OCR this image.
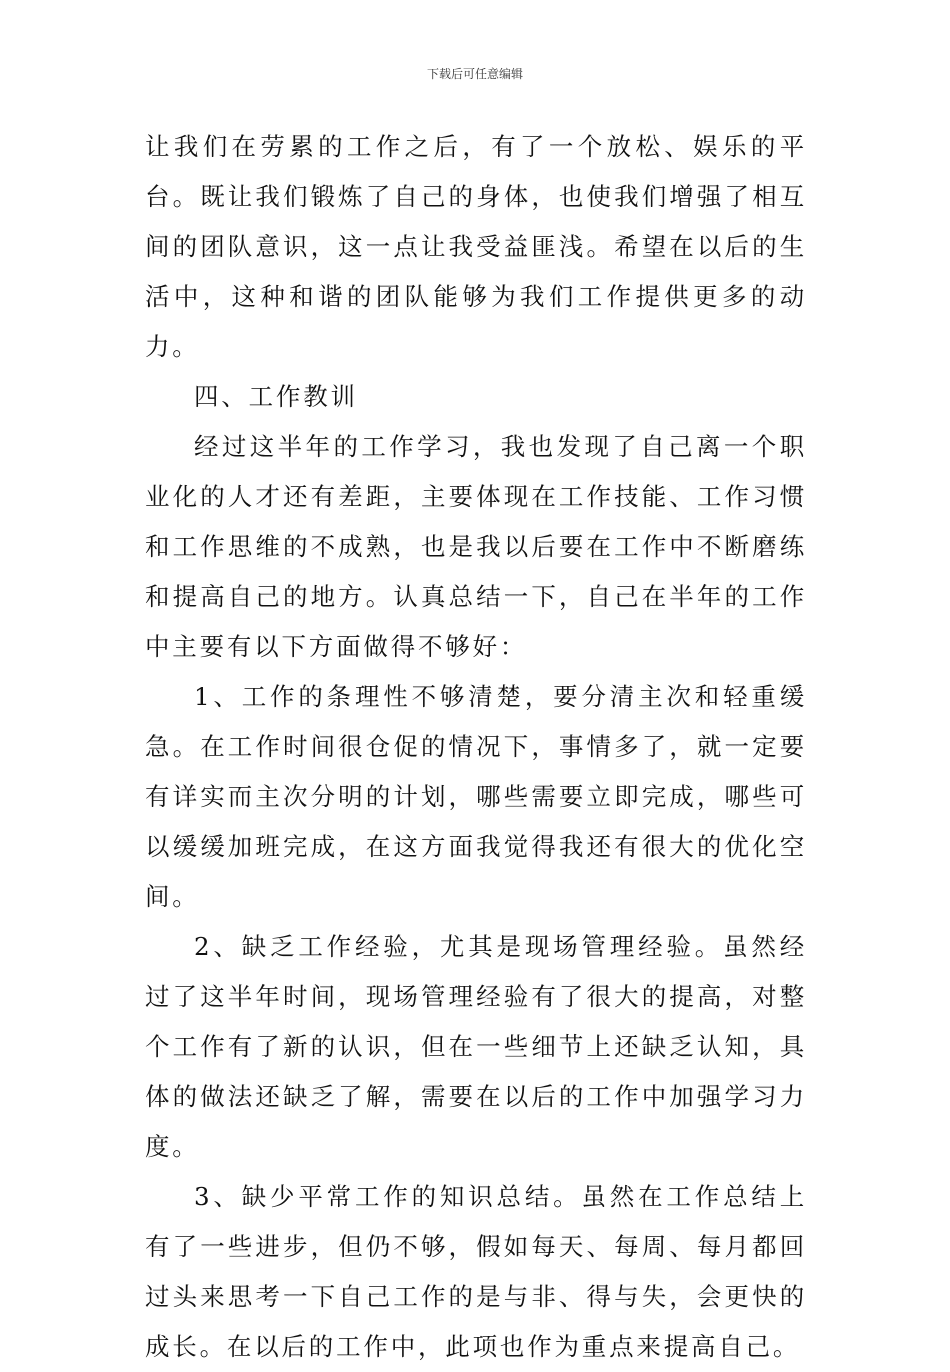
下载后可任意编辑

让我们在劳累的工作之后，有了一个放松、娱乐的平台。既让我们锻炼了自己的身体，也使我们增强了相互间的团队意识，这一点让我受益匪浅。希望在以后的生活中，这种和谐的团队能够为我们工作提供更多的动力。

四、工作教训

经过这半年的工作学习，我也发现了自己离一个职业化的人才还有差距，主要体现在工作技能、工作习惯和工作思维的不成熟，也是我以后要在工作中不断磨练和提高自己的地方。认真总结一下，自己在半年的工作中主要有以下方面做得不够好：

1、工作的条理性不够清楚，要分清主次和轻重缓急。在工作时间很仓促的情况下，事情多了，就一定要有详实而主次分明的计划，哪些需要立即完成，哪些可以缓缓加班完成，在这方面我觉得我还有很大的优化空间。

2、缺乏工作经验，尤其是现场管理经验。虽然经过了这半年时间，现场管理经验有了很大的提高，对整个工作有了新的认识，但在一些细节上还缺乏认知，具体的做法还缺乏了解，需要在以后的工作中加强学习力度。

3、缺少平常工作的知识总结。虽然在工作总结上有了一些进步，但仍不够，假如每天、每周、每月都回过头来思考一下自己工作的是与非、得与失，会更快的成长。在以后的工作中，此项也作为重点来提高自己。
